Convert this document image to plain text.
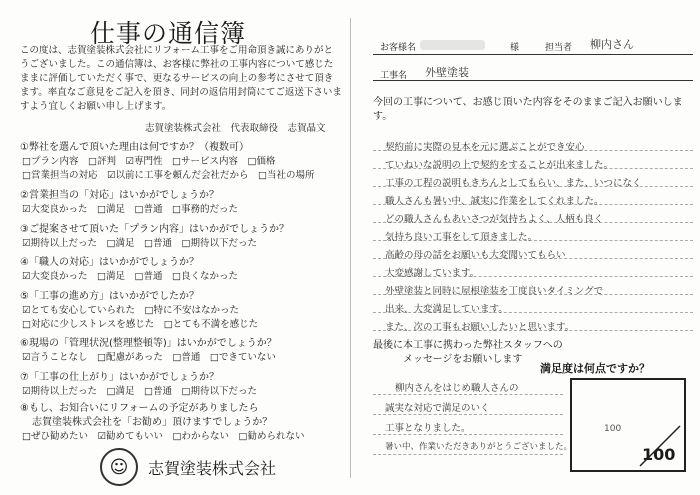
仕事の通信簿
この度は、志賀塗装株式会社にリフォーム工事をご用命頂き誠にありがとうございました。この通信簿は、お客様に弊社の工事内容について感じたままに評価していただく事で、更なるサービスの向上の参考にさせて頂きます。率直なご意見をご記入を頂き、同封の返信用封筒にてご返送下さいますよう宜しくお願い申し上げます。
志賀塗装株式会社　代表取締役　志賀晶文
①弊社を選んで頂いた理由は何ですか？（複数可）
□プラン内容　□評判　☑専門性　□サービス内容　□価格
□営業担当の対応　☑以前に工事を頼んだ会社だから　□当社の場所
②営業担当の「対応」はいかがでしょうか？
☑大変良かった　□満足　□普通　□事務的だった
③ご提案させて頂いた「プラン内容」はいかがでしょうか？
☑期待以上だった　□満足　□普通　□期待以下だった
④「職人の対応」はいかがでしょうか？
☑大変良かった　□満足　□普通　□良くなかった
⑤「工事の進め方」はいかがでしたか？
☑とても安心していられた　□特に不安はなかった
□対応に少しストレスを感じた　□とても不満を感じた
⑥現場の「管理状況(整理整頓等)」はいかがでしょうか？
☑言うことなし　□配慮があった　□普通　□できていない
⑦「工事の仕上がり」はいかがでしょうか？
☑期待以上だった　□満足　□普通　□期待以下だった
⑧もし、お知合いにリフォームの予定がありましたら
志賀塗装株式会社を「お勧め」頂けますでしょうか？
□ぜひ勧めたい　☑勧めてもいい　□わからない　□勧められない
☺	志賀塗装株式会社
お客様名	様	担当者 柳内さん
工事名 外壁塗装
今回の工事について、お感じ頂いた内容をそのままご記入お願いします。
契約前に実際の見本を元に選ぶことができ安心
ていねいな説明の上で契約をすることが出来ました。
工事の工程の説明もきちんとしてもらい、また、いつになく
職人さんも暑い中、誠実に作業をしてくれました。
どの職人さんもあいさつが気持ちよく、人柄も良く
気持ち良い工事をして頂きました。
高齢の母の話をお願いも大変聞いてもらい
大変感謝しています。
外壁塗装と同時に屋根塗装を丁度良いタイミングで
出来、大変満足しています。
また、次の工事もお願いしたいと思います。
最後に本工事に携わった弊社スタッフへの
メッセージをお願いします
柳内さんをはじめ職人さんの
誠実な対応で満足のいく
工事となりました。
暑い中、作業いただきありがとうございました。
満足度は何点ですか？
100
100
